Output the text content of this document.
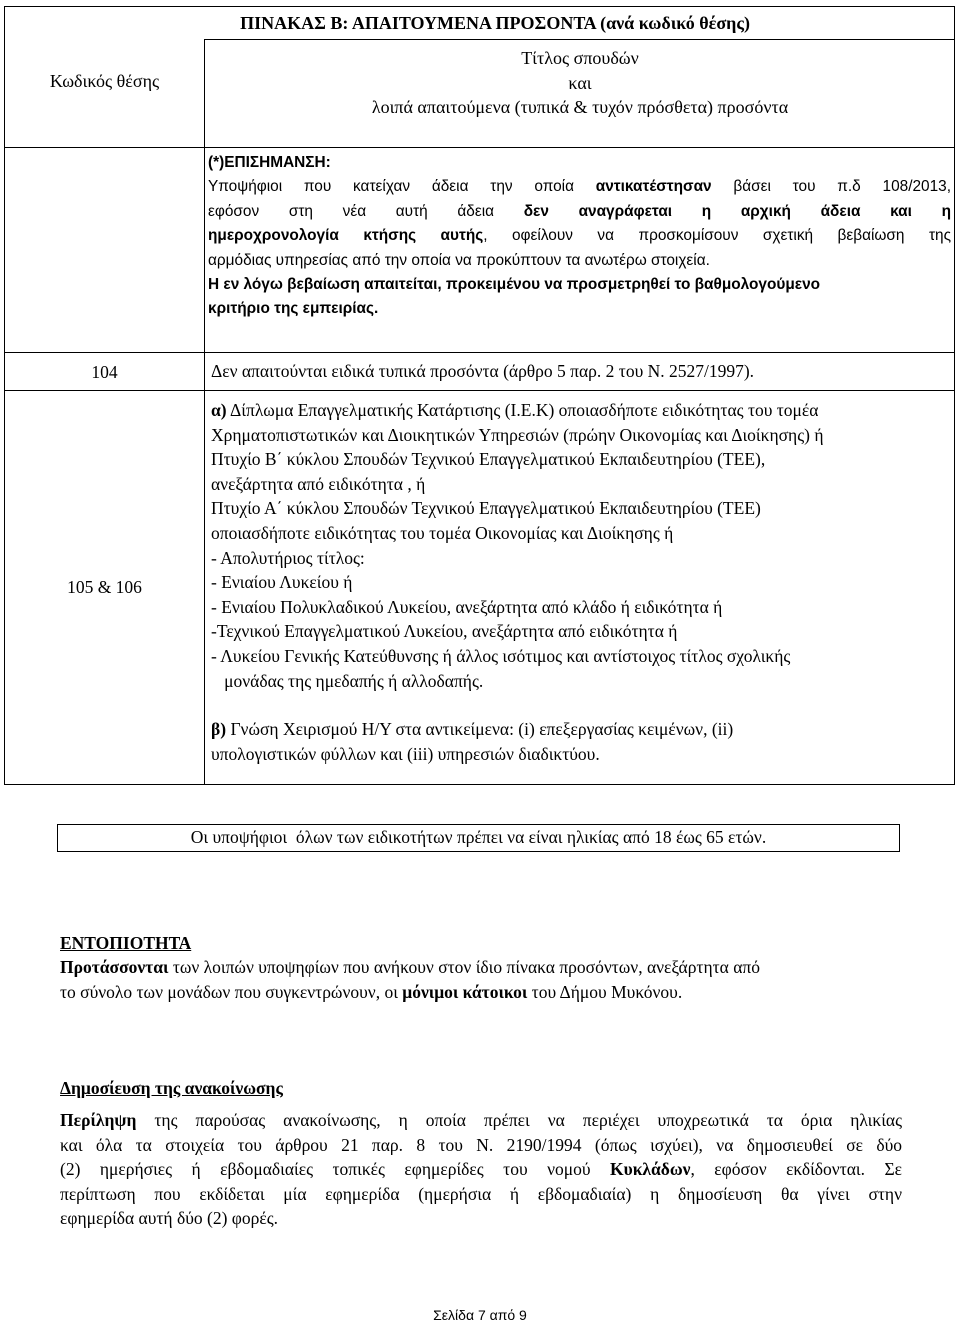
ΠΙΝΑΚΑΣ Β: ΑΠΑΙΤΟΥΜΕΝΑ ΠΡΟΣΟΝΤΑ (ανά κωδικό θέσης)
Κωδικός θέσης
Τίτλος σπουδών
και
λοιπά απαιτούμενα (τυπικά & τυχόν πρόσθετα) προσόντα
(*)ΕΠΙΣΗΜΑΝΣΗ:
Υποψήφιοι που κατείχαν άδεια την οποία αντικατέστησαν βάσει του π.δ 108/2013,
εφόσον στη νέα αυτή άδεια δεν αναγράφεται η αρχική άδεια και η
ημερoχρονολογία κτήσης αυτής, οφείλουν να προσκομίσουν σχετική βεβαίωση της
αρμόδιας υπηρεσίας από την οποία να προκύπτουν τα ανωτέρω στοιχεία.
Η εν λόγω βεβαίωση απαιτείται, προκειμένου να προσμετρηθεί το βαθμολογούμενο
κριτήριο της εμπειρίας.
104	Δεν απαιτούνται ειδικά τυπικά προσόντα (άρθρο 5 παρ. 2 του Ν. 2527/1997).
105 & 106
α) Δίπλωμα Επαγγελματικής Κατάρτισης (Ι.Ε.Κ) οποιασδήποτε ειδικότητας του τομέα
Χρηματοπιστωτικών και Διοικητικών Υπηρεσιών (πρώην Οικονομίας και Διοίκησης) ή
Πτυχίο Β΄ κύκλου Σπουδών Τεχνικού Επαγγελματικού Εκπαιδευτηρίου (ΤΕΕ),
ανεξάρτητα από ειδικότητα , ή
Πτυχίο Α΄ κύκλου Σπουδών Τεχνικού Επαγγελματικού Εκπαιδευτηρίου (ΤΕΕ)
οποιασδήποτε ειδικότητας του τομέα Οικονομίας και Διοίκησης ή
- Απολυτήριος τίτλος:
- Ενιαίου Λυκείου ή
- Ενιαίου Πολυκλαδικού Λυκείου, ανεξάρτητα από κλάδο ή ειδικότητα ή
-Τεχνικού Επαγγελματικού Λυκείου, ανεξάρτητα από ειδικότητα ή
- Λυκείου Γενικής Κατεύθυνσης ή άλλος ισότιμος και αντίστοιχος τίτλος σχολικής
μονάδας της ημεδαπής ή αλλοδαπής.
β) Γνώση Χειρισμού Η/Υ στα αντικείμενα: (i) επεξεργασίας κειμένων, (ii)
υπολογιστικών φύλλων και (iii) υπηρεσιών διαδικτύου.
Οι υποψήφιοι  όλων των ειδικοτήτων πρέπει να είναι ηλικίας από 18 έως 65 ετών.
ΕΝΤΟΠΙΟΤΗΤΑ
Προτάσσονται των λοιπών υποψηφίων που ανήκουν στον ίδιο πίνακα προσόντων, ανεξάρτητα από
το σύνολο των μονάδων που συγκεντρώνουν, οι μόνιμοι κάτοικοι του Δήμου Μυκόνου.
Δημοσίευση της ανακοίνωσης
Περίληψη της παρούσας ανακοίνωσης, η οποία πρέπει να περιέχει υποχρεωτικά τα όρια ηλικίας
και όλα τα στοιχεία του άρθρου 21 παρ. 8 του Ν. 2190/1994 (όπως ισχύει), να δημοσιευθεί σε δύο
(2) ημερήσιες ή εβδομαδιαίες τοπικές εφημερίδες του νομού Κυκλάδων, εφόσον εκδίδονται. Σε
περίπτωση που εκδίδεται μία εφημερίδα (ημερήσια ή εβδομαδιαία) η δημοσίευση θα γίνει στην
εφημερίδα αυτή δύο (2) φορές.
Σελίδα 7 από 9
